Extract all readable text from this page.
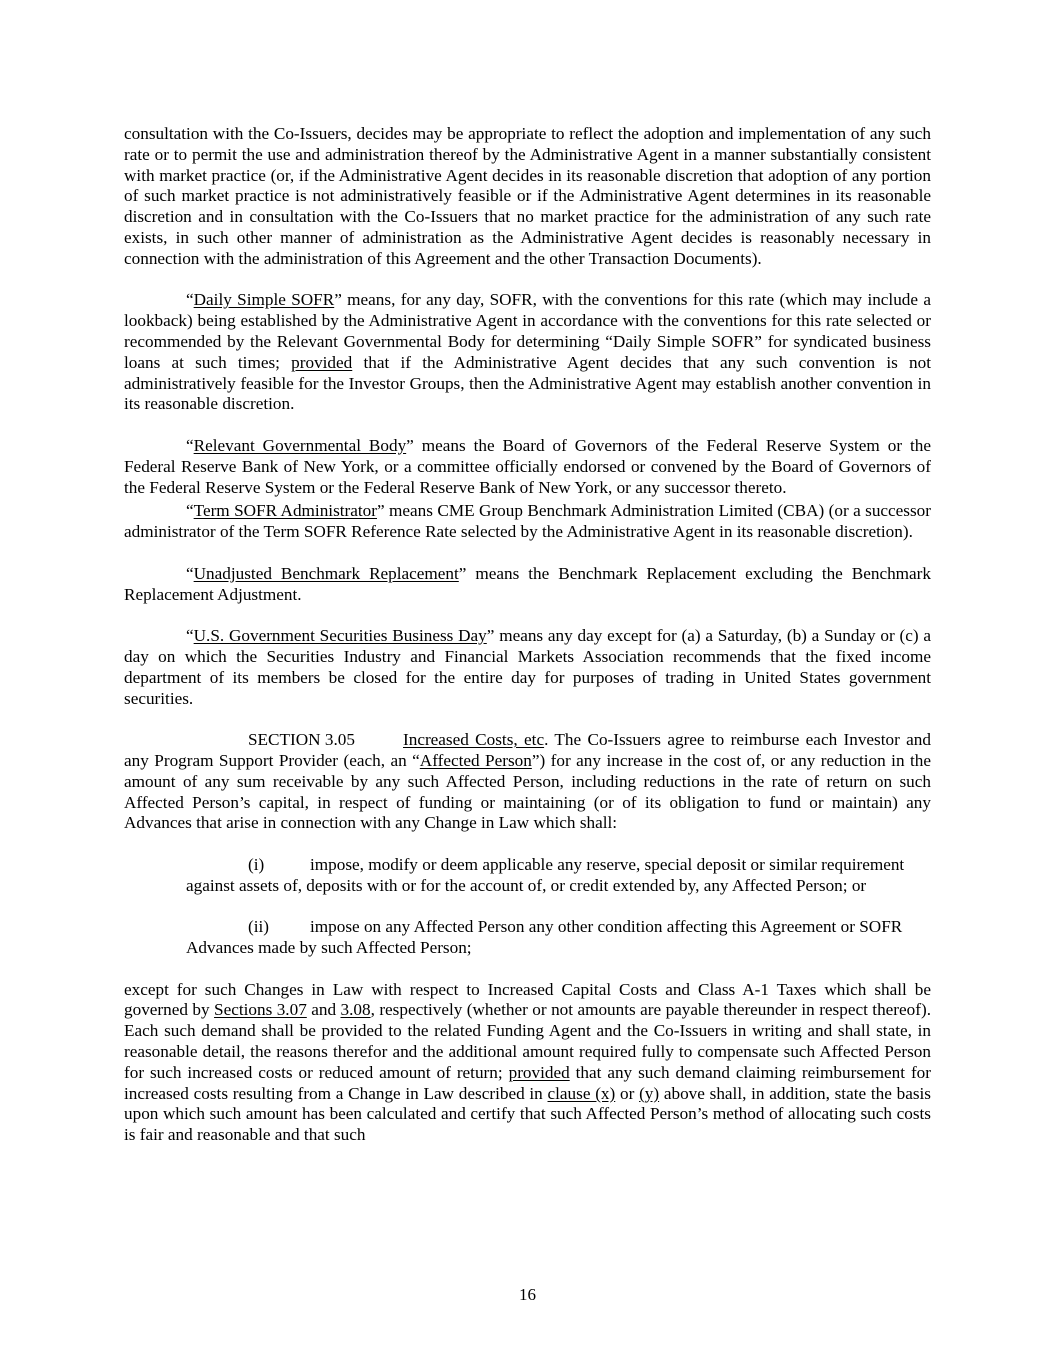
consultation with the Co-Issuers, decides may be appropriate to reflect the adoption and implementation of any such rate or to permit the use and administration thereof by the Administrative Agent in a manner substantially consistent with market practice (or, if the Administrative Agent decides in its reasonable discretion that adoption of any portion of such market practice is not administratively feasible or if the Administrative Agent determines in its reasonable discretion and in consultation with the Co-Issuers that no market practice for the administration of any such rate exists, in such other manner of administration as the Administrative Agent decides is reasonably necessary in connection with the administration of this Agreement and the other Transaction Documents).

“Daily Simple SOFR” means, for any day, SOFR, with the conventions for this rate (which may include a lookback) being established by the Administrative Agent in accordance with the conventions for this rate selected or recommended by the Relevant Governmental Body for determining “Daily Simple SOFR” for syndicated business loans at such times; provided that if the Administrative Agent decides that any such convention is not administratively feasible for the Investor Groups, then the Administrative Agent may establish another convention in its reasonable discretion.

“Relevant Governmental Body” means the Board of Governors of the Federal Reserve System or the Federal Reserve Bank of New York, or a committee officially endorsed or convened by the Board of Governors of the Federal Reserve System or the Federal Reserve Bank of New York, or any successor thereto.

“Term SOFR Administrator” means CME Group Benchmark Administration Limited (CBA) (or a successor administrator of the Term SOFR Reference Rate selected by the Administrative Agent in its reasonable discretion).

“Unadjusted Benchmark Replacement” means the Benchmark Replacement excluding the Benchmark Replacement Adjustment.

“U.S. Government Securities Business Day” means any day except for (a) a Saturday, (b) a Sunday or (c) a day on which the Securities Industry and Financial Markets Association recommends that the fixed income department of its members be closed for the entire day for purposes of trading in United States government securities.

SECTION 3.05	Increased Costs, etc. The Co-Issuers agree to reimburse each Investor and any Program Support Provider (each, an “Affected Person”) for any increase in the cost of, or any reduction in the amount of any sum receivable by any such Affected Person, including reductions in the rate of return on such Affected Person’s capital, in respect of funding or maintaining (or of its obligation to fund or maintain) any Advances that arise in connection with any Change in Law which shall:

(i)	impose, modify or deem applicable any reserve, special deposit or similar requirement against assets of, deposits with or for the account of, or credit extended by, any Affected Person; or

(ii) impose on any Affected Person any other condition affecting this Agreement or SOFR Advances made by such Affected Person;

except for such Changes in Law with respect to Increased Capital Costs and Class A-1 Taxes which shall be governed by Sections 3.07 and 3.08, respectively (whether or not amounts are payable thereunder in respect thereof). Each such demand shall be provided to the related Funding Agent and the Co-Issuers in writing and shall state, in reasonable detail, the reasons therefor and the additional amount required fully to compensate such Affected Person for such increased costs or reduced amount of return; provided that any such demand claiming reimbursement for increased costs resulting from a Change in Law described in clause (x) or (y) above shall, in addition, state the basis upon which such amount has been calculated and certify that such Affected Person’s method of allocating such costs is fair and reasonable and that such

16
